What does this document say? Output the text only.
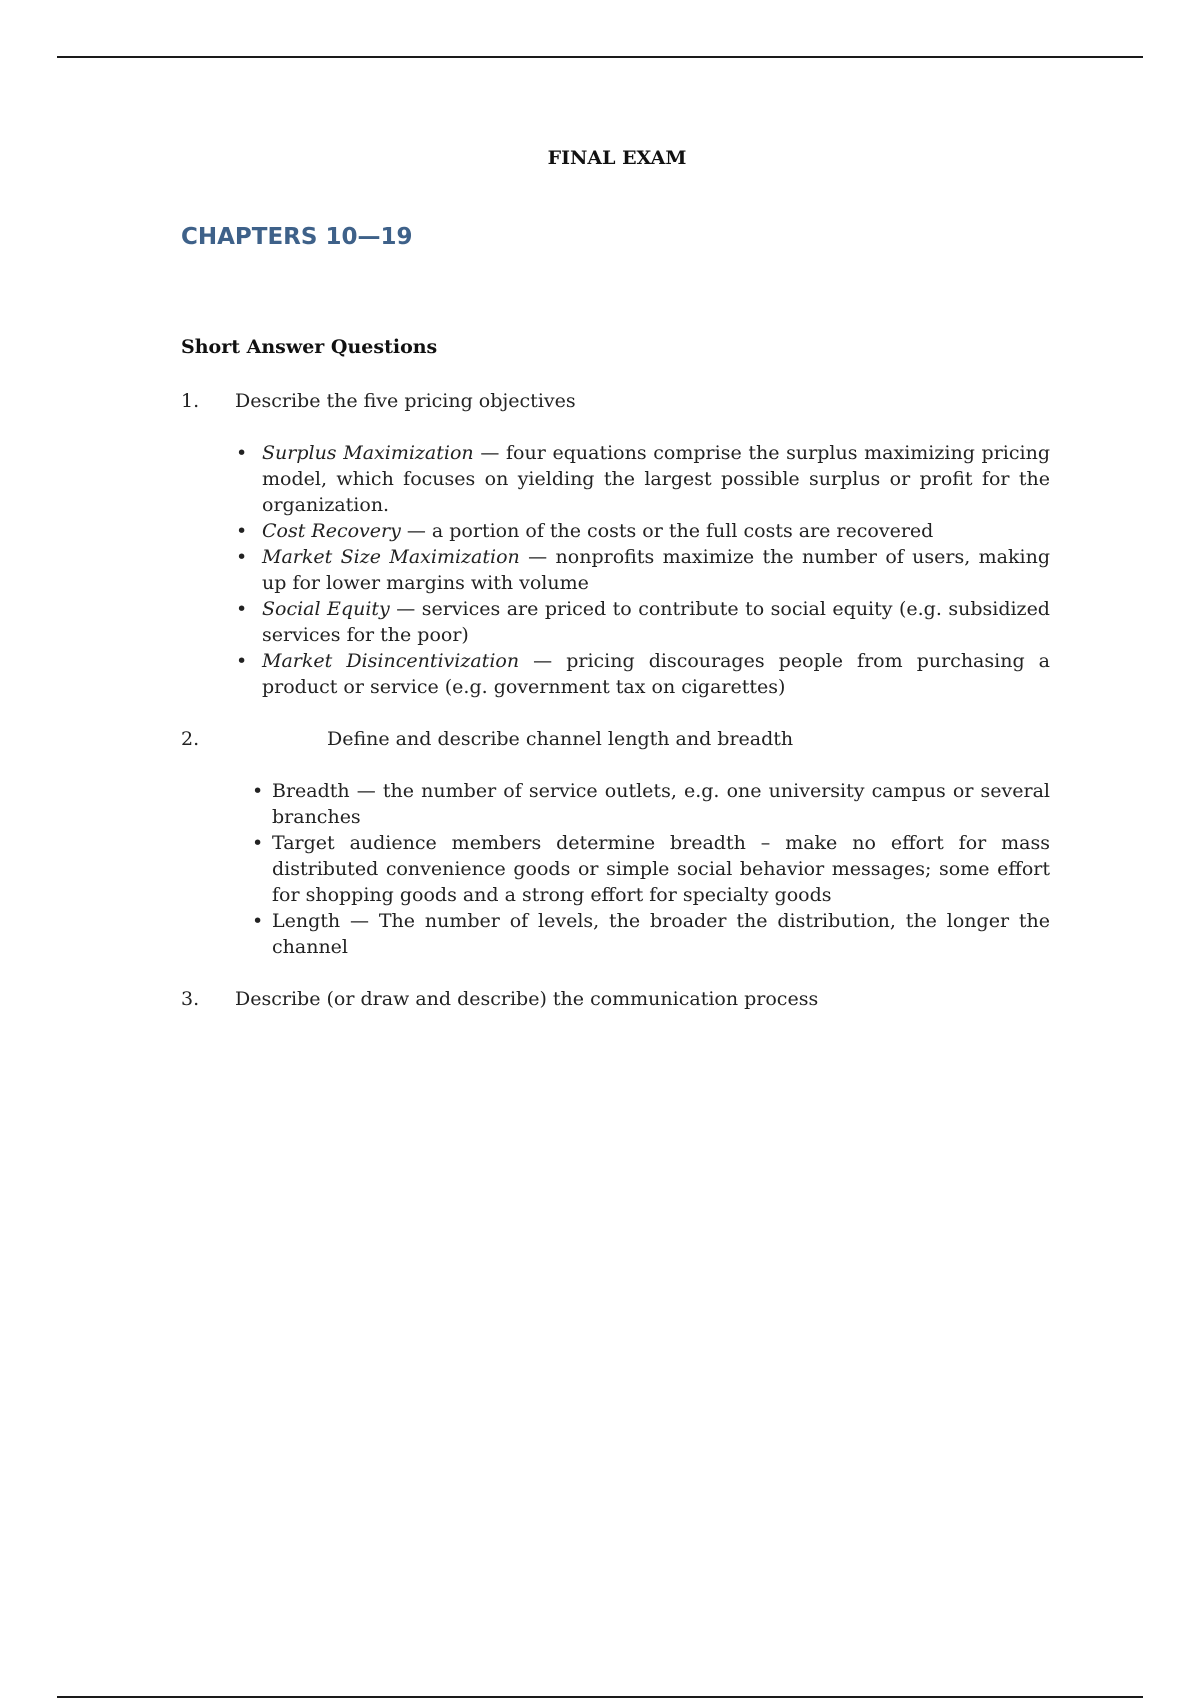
FINAL EXAM
CHAPTERS 10—19
Short Answer Questions
1. Describe the five pricing objectives
• Surplus Maximization — four equations comprise the surplus maximizing pricing model, which focuses on yielding the largest possible surplus or profit for the organization.
• Cost Recovery — a portion of the costs or the full costs are recovered
• Market Size Maximization — nonprofits maximize the number of users, making up for lower margins with volume
• Social Equity — services are priced to contribute to social equity (e.g. subsidized services for the poor)
• Market Disincentivization — pricing discourages people from purchasing a product or service (e.g. government tax on cigarettes)
2.	Define and describe channel length and breadth
• Breadth — the number of service outlets, e.g. one university campus or several branches
• Target audience members determine breadth – make no effort for mass distributed convenience goods or simple social behavior messages; some effort for shopping goods and a strong effort for specialty goods
• Length — The number of levels, the broader the distribution, the longer the channel
3. Describe (or draw and describe) the communication process
